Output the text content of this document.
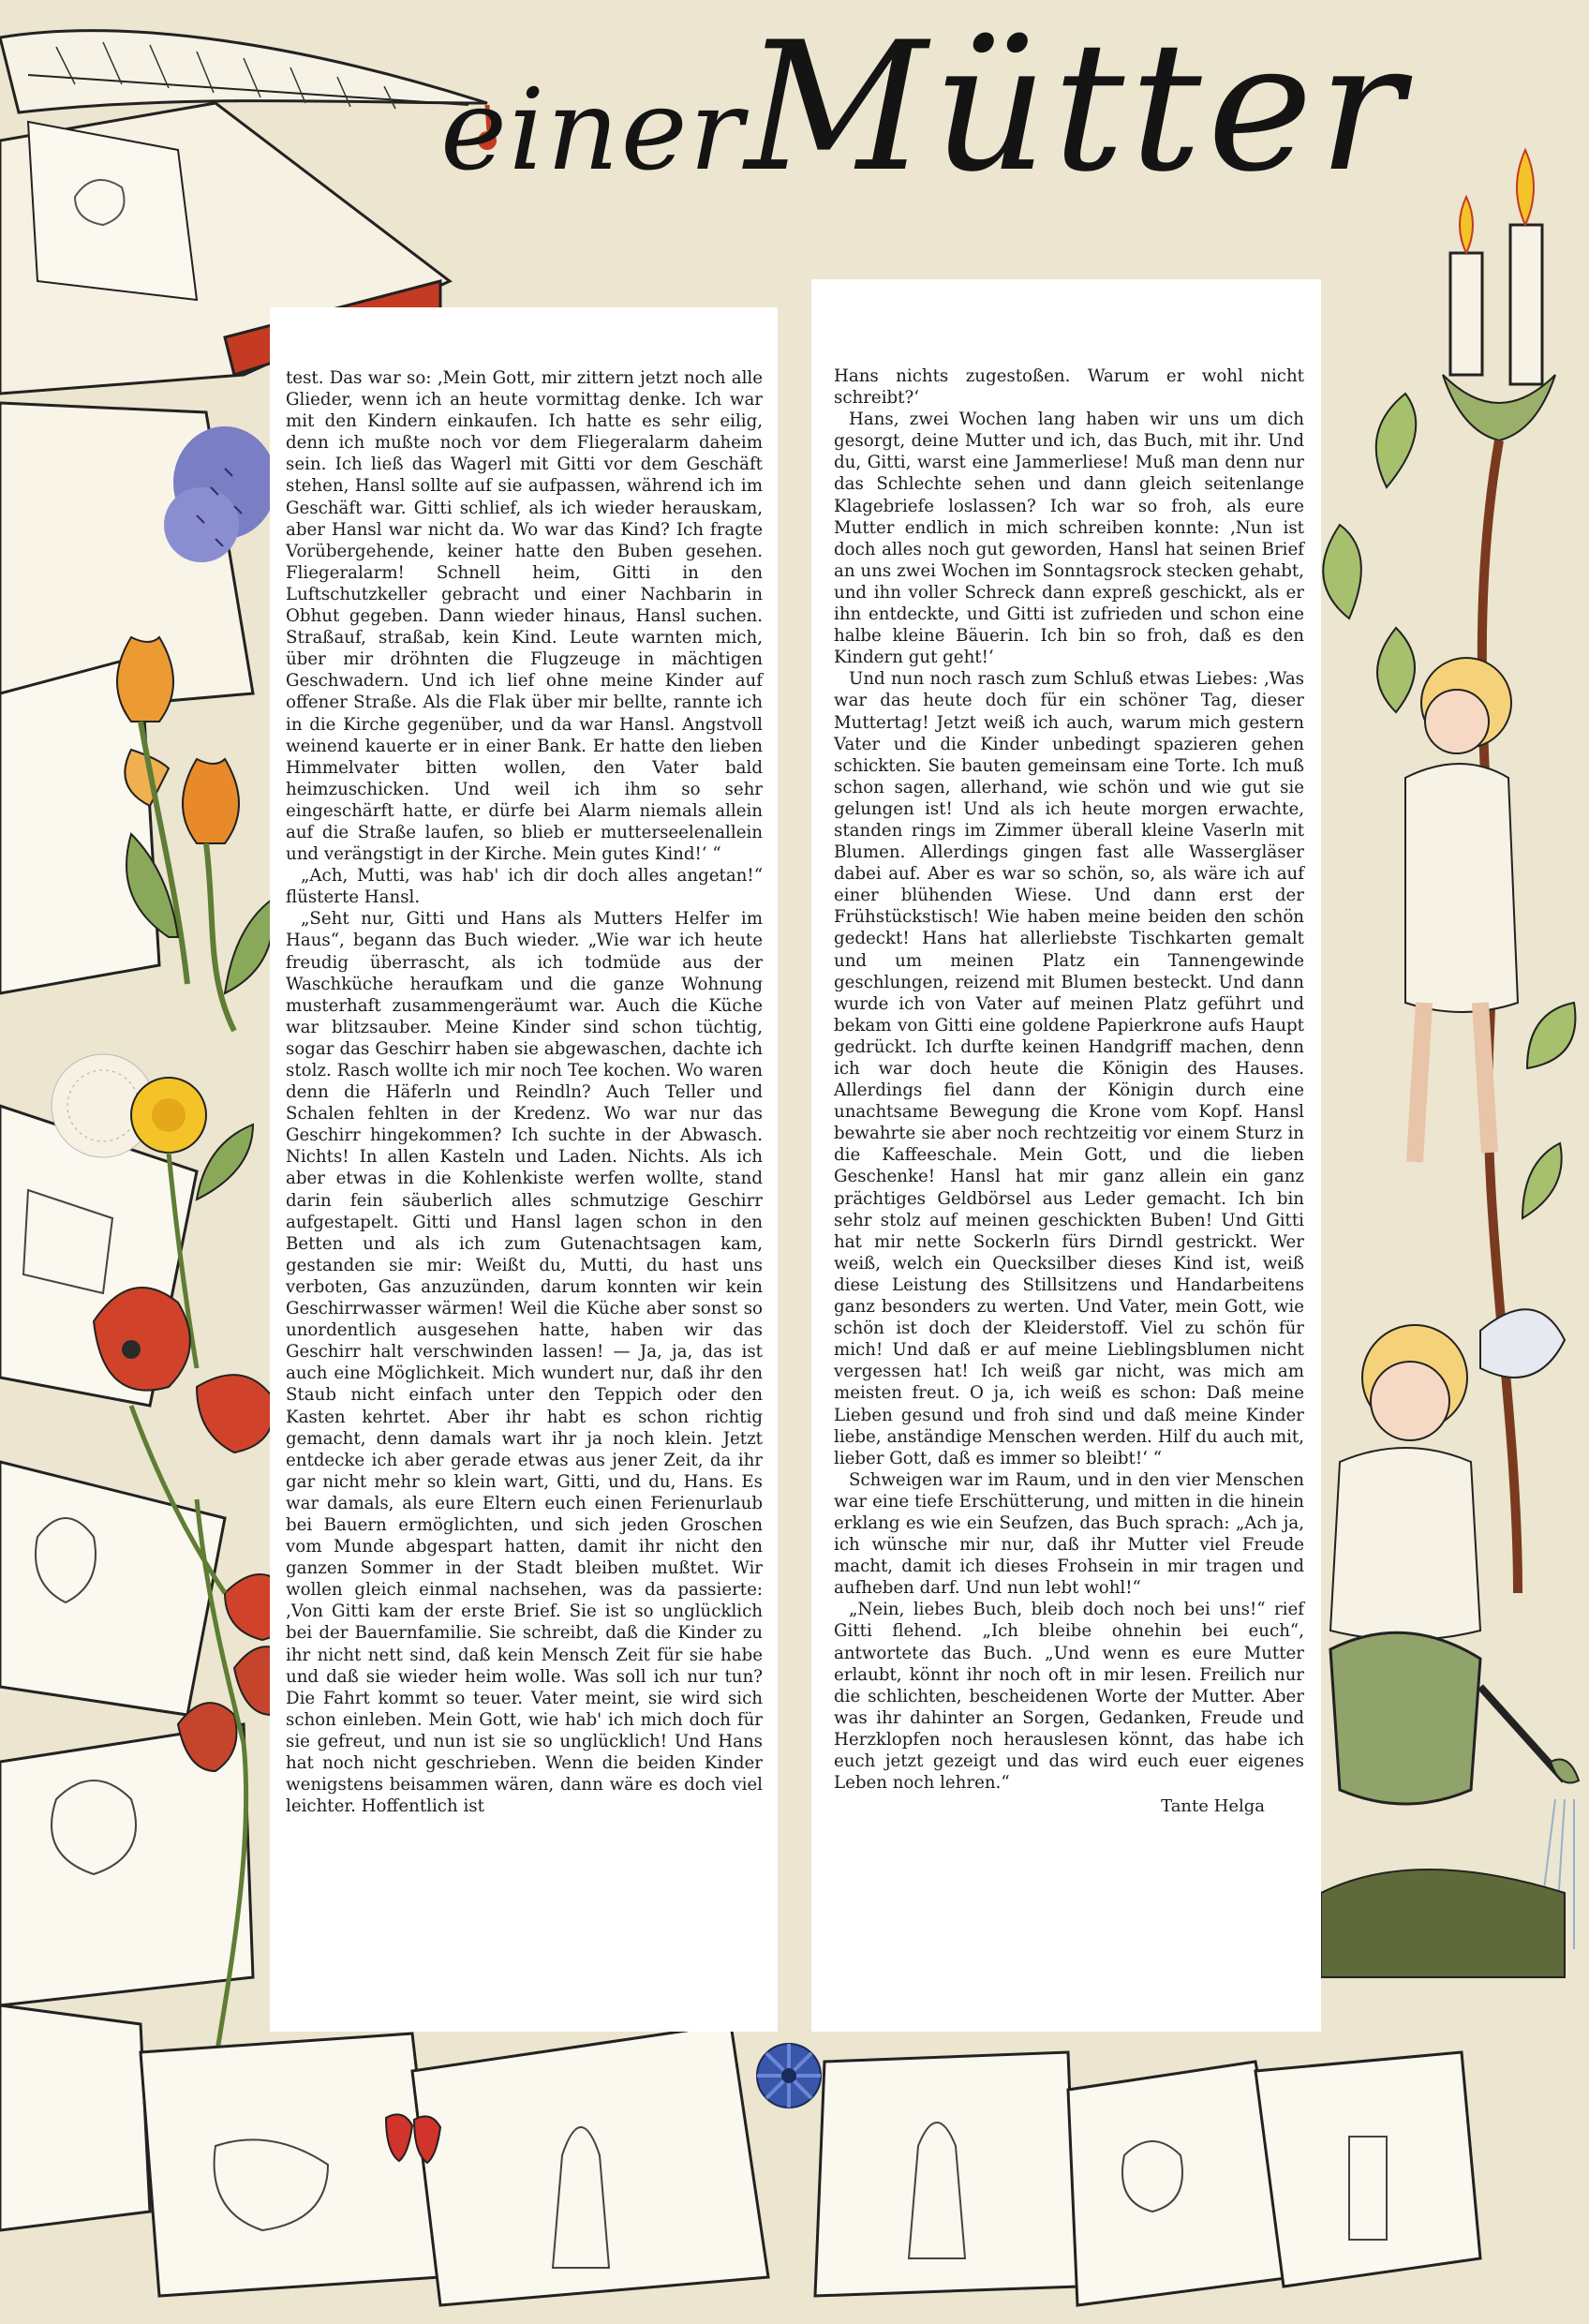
einerMütter

test. Das war so: ‚Mein Gott, mir zittern jetzt noch alle Glieder, wenn ich an heute vormittag denke. Ich war mit den Kindern einkaufen. Ich hatte es sehr eilig, denn ich mußte noch vor dem Fliegeralarm daheim sein. Ich ließ das Wagerl mit Gitti vor dem Geschäft stehen, Hansl sollte auf sie aufpassen, während ich im Geschäft war. Gitti schlief, als ich wieder herauskam, aber Hansl war nicht da. Wo war das Kind? Ich fragte Vorübergehende, keiner hatte den Buben gesehen. Fliegeralarm! Schnell heim, Gitti in den Luftschutzkeller gebracht und einer Nachbarin in Obhut gegeben. Dann wieder hinaus, Hansl suchen. Straßauf, straßab, kein Kind. Leute warnten mich, über mir dröhnten die Flugzeuge in mächtigen Geschwadern. Und ich lief ohne meine Kinder auf offener Straße. Als die Flak über mir bellte, rannte ich in die Kirche gegenüber, und da war Hansl. Angstvoll weinend kauerte er in einer Bank. Er hatte den lieben Himmelvater bitten wollen, den Vater bald heimzuschicken. Und weil ich ihm so sehr eingeschärft hatte, er dürfe bei Alarm niemals allein auf die Straße laufen, so blieb er mutterseelenallein und verängstigt in der Kirche. Mein gutes Kind!‘ “

„Ach, Mutti, was hab' ich dir doch alles angetan!“ flüsterte Hansl.

„Seht nur, Gitti und Hans als Mutters Helfer im Haus“, begann das Buch wieder. „Wie war ich heute freudig überrascht, als ich todmüde aus der Waschküche heraufkam und die ganze Wohnung musterhaft zusammengeräumt war. Auch die Küche war blitzsauber. Meine Kinder sind schon tüchtig, sogar das Geschirr haben sie abgewaschen, dachte ich stolz. Rasch wollte ich mir noch Tee kochen. Wo waren denn die Häferln und Reindln? Auch Teller und Schalen fehlten in der Kredenz. Wo war nur das Geschirr hingekommen? Ich suchte in der Abwasch. Nichts! In allen Kasteln und Laden. Nichts. Als ich aber etwas in die Kohlenkiste werfen wollte, stand darin fein säuberlich alles schmutzige Geschirr aufgestapelt. Gitti und Hansl lagen schon in den Betten und als ich zum Gutenachtsagen kam, gestanden sie mir: Weißt du, Mutti, du hast uns verboten, Gas anzuzünden, darum konnten wir kein Geschirrwasser wärmen! Weil die Küche aber sonst so unordentlich ausgesehen hatte, haben wir das Geschirr halt verschwinden lassen! — Ja, ja, das ist auch eine Möglichkeit. Mich wundert nur, daß ihr den Staub nicht einfach unter den Teppich oder den Kasten kehrtet. Aber ihr habt es schon richtig gemacht, denn damals wart ihr ja noch klein. Jetzt entdecke ich aber gerade etwas aus jener Zeit, da ihr gar nicht mehr so klein wart, Gitti, und du, Hans. Es war damals, als eure Eltern euch einen Ferienurlaub bei Bauern ermöglichten, und sich jeden Groschen vom Munde abgespart hatten, damit ihr nicht den ganzen Sommer in der Stadt bleiben mußtet. Wir wollen gleich einmal nachsehen, was da passierte: ‚Von Gitti kam der erste Brief. Sie ist so unglücklich bei der Bauernfamilie. Sie schreibt, daß die Kinder zu ihr nicht nett sind, daß kein Mensch Zeit für sie habe und daß sie wieder heim wolle. Was soll ich nur tun? Die Fahrt kommt so teuer. Vater meint, sie wird sich schon einleben. Mein Gott, wie hab' ich mich doch für sie gefreut, und nun ist sie so unglücklich! Und Hans hat noch nicht geschrieben. Wenn die beiden Kinder wenigstens beisammen wären, dann wäre es doch viel leichter. Hoffentlich ist

Hans nichts zugestoßen. Warum er wohl nicht schreibt?‘

Hans, zwei Wochen lang haben wir uns um dich gesorgt, deine Mutter und ich, das Buch, mit ihr. Und du, Gitti, warst eine Jammerliese! Muß man denn nur das Schlechte sehen und dann gleich seitenlange Klagebriefe loslassen? Ich war so froh, als eure Mutter endlich in mich schreiben konnte: ‚Nun ist doch alles noch gut geworden, Hansl hat seinen Brief an uns zwei Wochen im Sonntagsrock stecken gehabt, und ihn voller Schreck dann expreß geschickt, als er ihn entdeckte, und Gitti ist zufrieden und schon eine halbe kleine Bäuerin. Ich bin so froh, daß es den Kindern gut geht!‘

Und nun noch rasch zum Schluß etwas Liebes: ‚Was war das heute doch für ein schöner Tag, dieser Muttertag! Jetzt weiß ich auch, warum mich gestern Vater und die Kinder unbedingt spazieren gehen schickten. Sie bauten gemeinsam eine Torte. Ich muß schon sagen, allerhand, wie schön und wie gut sie gelungen ist! Und als ich heute morgen erwachte, standen rings im Zimmer überall kleine Vaserln mit Blumen. Allerdings gingen fast alle Wassergläser dabei auf. Aber es war so schön, so, als wäre ich auf einer blühenden Wiese. Und dann erst der Frühstückstisch! Wie haben meine beiden den schön gedeckt! Hans hat allerliebste Tischkarten gemalt und um meinen Platz ein Tannengewinde geschlungen, reizend mit Blumen besteckt. Und dann wurde ich von Vater auf meinen Platz geführt und bekam von Gitti eine goldene Papierkrone aufs Haupt gedrückt. Ich durfte keinen Handgriff machen, denn ich war doch heute die Königin des Hauses. Allerdings fiel dann der Königin durch eine unachtsame Bewegung die Krone vom Kopf. Hansl bewahrte sie aber noch rechtzeitig vor einem Sturz in die Kaffeeschale. Mein Gott, und die lieben Geschenke! Hansl hat mir ganz allein ein ganz prächtiges Geldbörsel aus Leder gemacht. Ich bin sehr stolz auf meinen geschickten Buben! Und Gitti hat mir nette Sockerln fürs Dirndl gestrickt. Wer weiß, welch ein Quecksilber dieses Kind ist, weiß diese Leistung des Stillsitzens und Handarbeitens ganz besonders zu werten. Und Vater, mein Gott, wie schön ist doch der Kleiderstoff. Viel zu schön für mich! Und daß er auf meine Lieblingsblumen nicht vergessen hat! Ich weiß gar nicht, was mich am meisten freut. O ja, ich weiß es schon: Daß meine Lieben gesund und froh sind und daß meine Kinder liebe, anständige Menschen werden. Hilf du auch mit, lieber Gott, daß es immer so bleibt!‘ “

Schweigen war im Raum, und in den vier Menschen war eine tiefe Erschütterung, und mitten in die hinein erklang es wie ein Seufzen, das Buch sprach: „Ach ja, ich wünsche mir nur, daß ihr Mutter viel Freude macht, damit ich dieses Frohsein in mir tragen und aufheben darf. Und nun lebt wohl!“

„Nein, liebes Buch, bleib doch noch bei uns!“ rief Gitti flehend. „Ich bleibe ohnehin bei euch“, antwortete das Buch. „Und wenn es eure Mutter erlaubt, könnt ihr noch oft in mir lesen. Freilich nur die schlichten, bescheidenen Worte der Mutter. Aber was ihr dahinter an Sorgen, Gedanken, Freude und Herzklopfen noch herauslesen könnt, das habe ich euch jetzt gezeigt und das wird euch euer eigenes Leben noch lehren.“

Tante Helga
